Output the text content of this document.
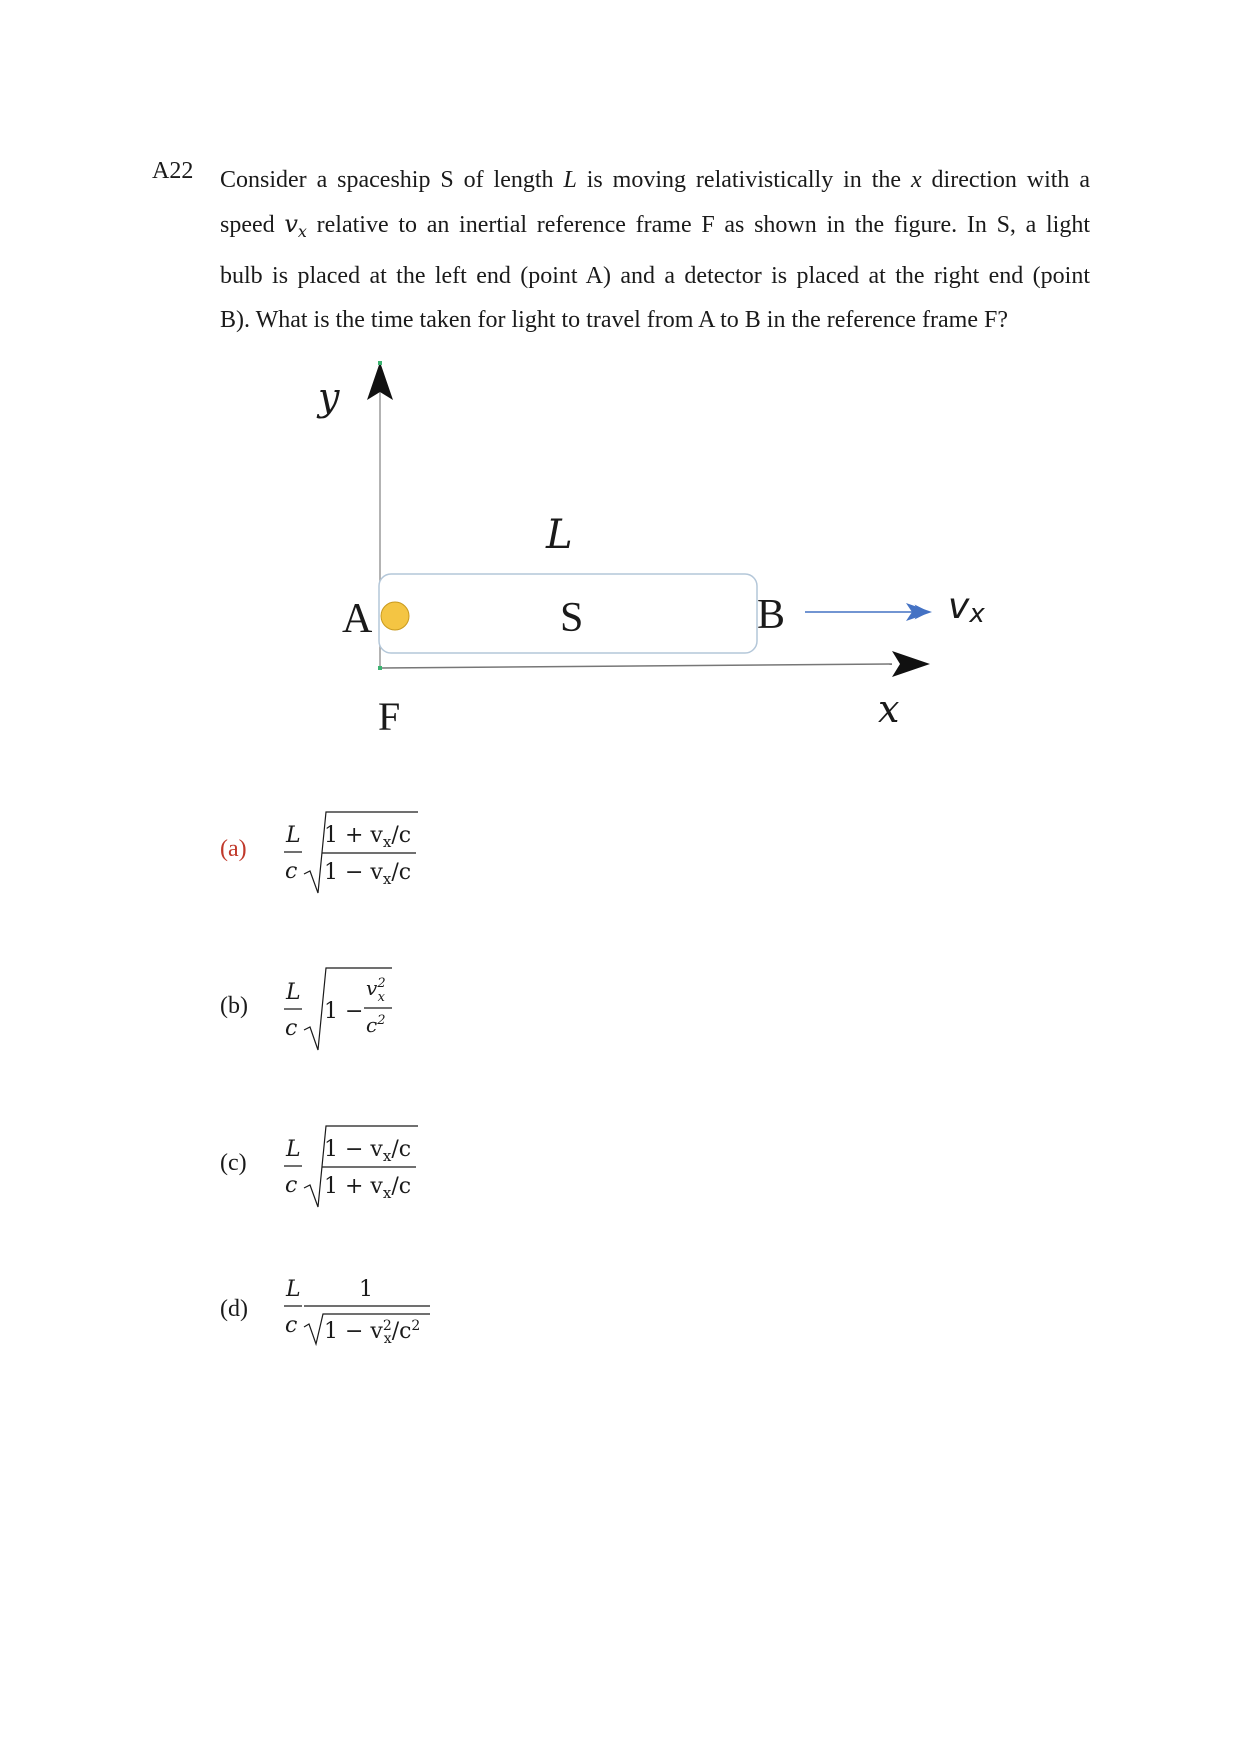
A22 Consider a spaceship S of length L is moving relativistically in the x direction with a

speed $v_x$ relative to an inertial reference frame F as shown in the figure. In S, a light

bulb is placed at the left end (point A) and a detector is placed at the right end (point

B). What is the time taken for light to travel from A to B in the reference frame F?

y
x
L
S
A	B
F
vx
L
c
$1 + v_x/c$
$1 - v_x/c$
L
c
1 −
$v^2$ x
$c^2$
L
c
$1 - v_x/c$
$1 + v_x/c$
L
c
1
$1 - v^2$ $x/c^2$
(a)
(b)
(c)
(d)
